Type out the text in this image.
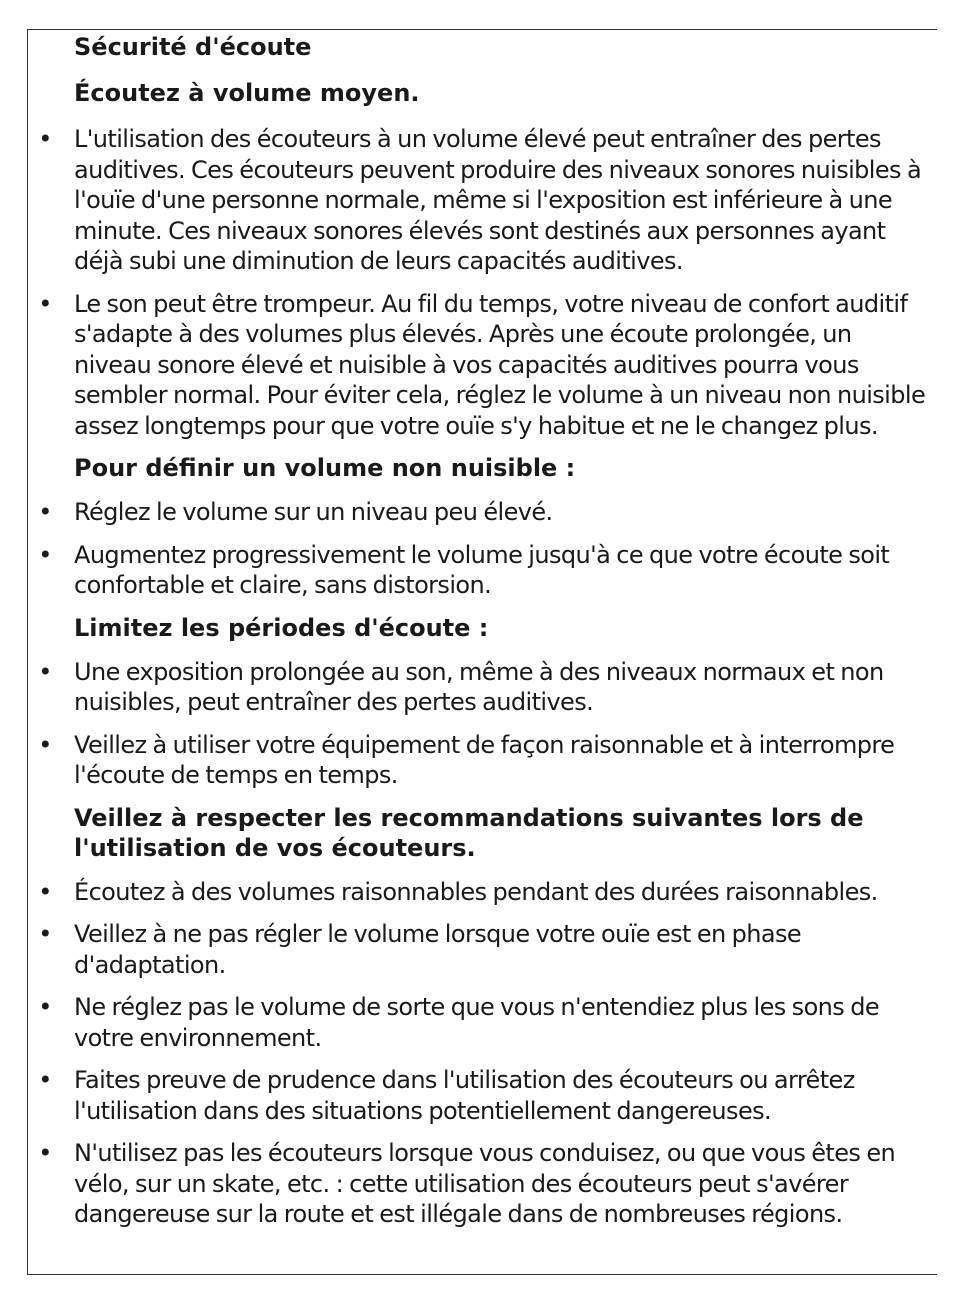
Sécurité d'écoute
Écoutez à volume moyen.
• L'utilisation des écouteurs à un volume élevé peut entraîner des pertes auditives. Ces écouteurs peuvent produire des niveaux sonores nuisibles à l'ouïe d'une personne normale, même si l'exposition est inférieure à une minute. Ces niveaux sonores élevés sont destinés aux personnes ayant déjà subi une diminution de leurs capacités auditives.
• Le son peut être trompeur. Au fil du temps, votre niveau de confort auditif s'adapte à des volumes plus élevés. Après une écoute prolongée, un niveau sonore élevé et nuisible à vos capacités auditives pourra vous sembler normal. Pour éviter cela, réglez le volume à un niveau non nuisible assez longtemps pour que votre ouïe s'y habitue et ne le changez plus.
Pour définir un volume non nuisible :
• Réglez le volume sur un niveau peu élevé.
• Augmentez progressivement le volume jusqu'à ce que votre écoute soit confortable et claire, sans distorsion.
Limitez les périodes d'écoute :
• Une exposition prolongée au son, même à des niveaux normaux et non nuisibles, peut entraîner des pertes auditives.
• Veillez à utiliser votre équipement de façon raisonnable et à interrompre l'écoute de temps en temps.
Veillez à respecter les recommandations suivantes lors de l'utilisation de vos écouteurs.
• Écoutez à des volumes raisonnables pendant des durées raisonnables.
• Veillez à ne pas régler le volume lorsque votre ouïe est en phase d'adaptation.
• Ne réglez pas le volume de sorte que vous n'entendiez plus les sons de votre environnement.
• Faites preuve de prudence dans l'utilisation des écouteurs ou arrêtez l'utilisation dans des situations potentiellement dangereuses.
• N'utilisez pas les écouteurs lorsque vous conduisez, ou que vous êtes en vélo, sur un skate, etc. : cette utilisation des écouteurs peut s'avérer dangereuse sur la route et est illégale dans de nombreuses régions.
